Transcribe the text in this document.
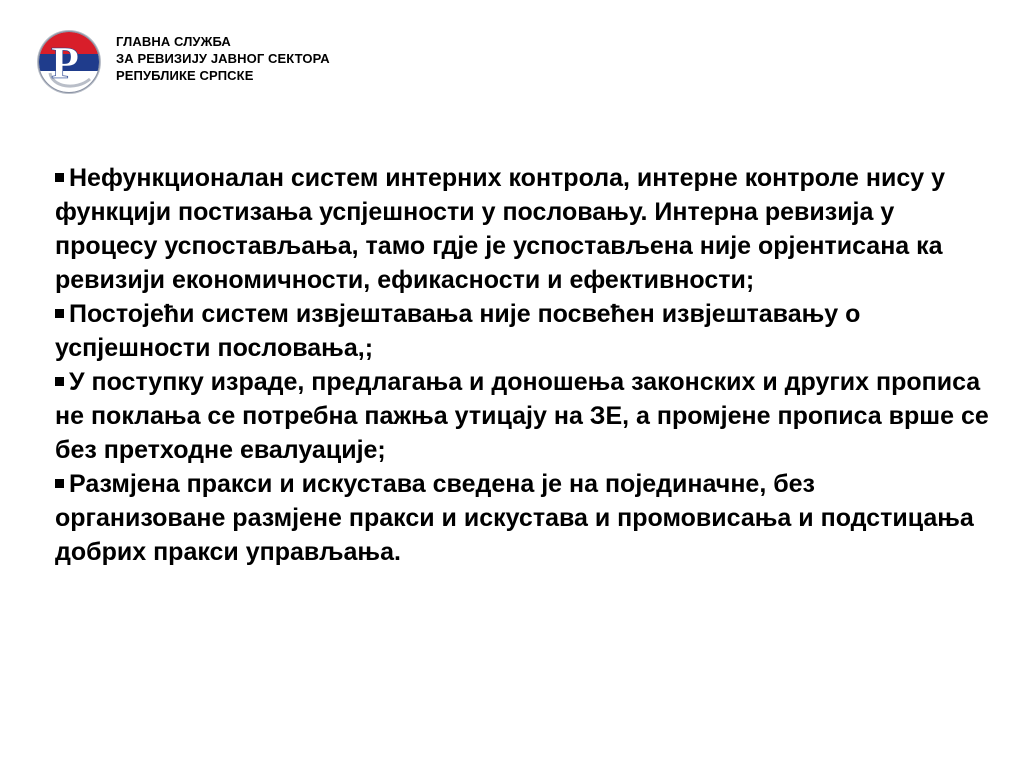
Р	ГЛАВНА СЛУЖБА
ЗА РЕВИЗИЈУ ЈАВНОГ СЕКТОРА
РЕПУБЛИКЕ СРПСКЕ
Нефункционалан систем интерних контрола, интерне контроле нису у функцији постизања успјешности у пословању. Интерна ревизија у процесу успостављања, тамо гдје је успостављена није орјентисана ка ревизији економичности, ефикасности и ефективности;
Постојећи систем извјештавања није посвећен извјештавању о успјешности пословања,;
У поступку израде, предлагања и доношења законских и других прописа не поклања се потребна пажња утицају на ЗЕ, а промјене прописа врше се без претходне евалуације;
Размјена пракси и искустава сведена је на појединачне, без организоване размјене пракси и искустава и промовисања и подстицања добрих пракси управљања.
